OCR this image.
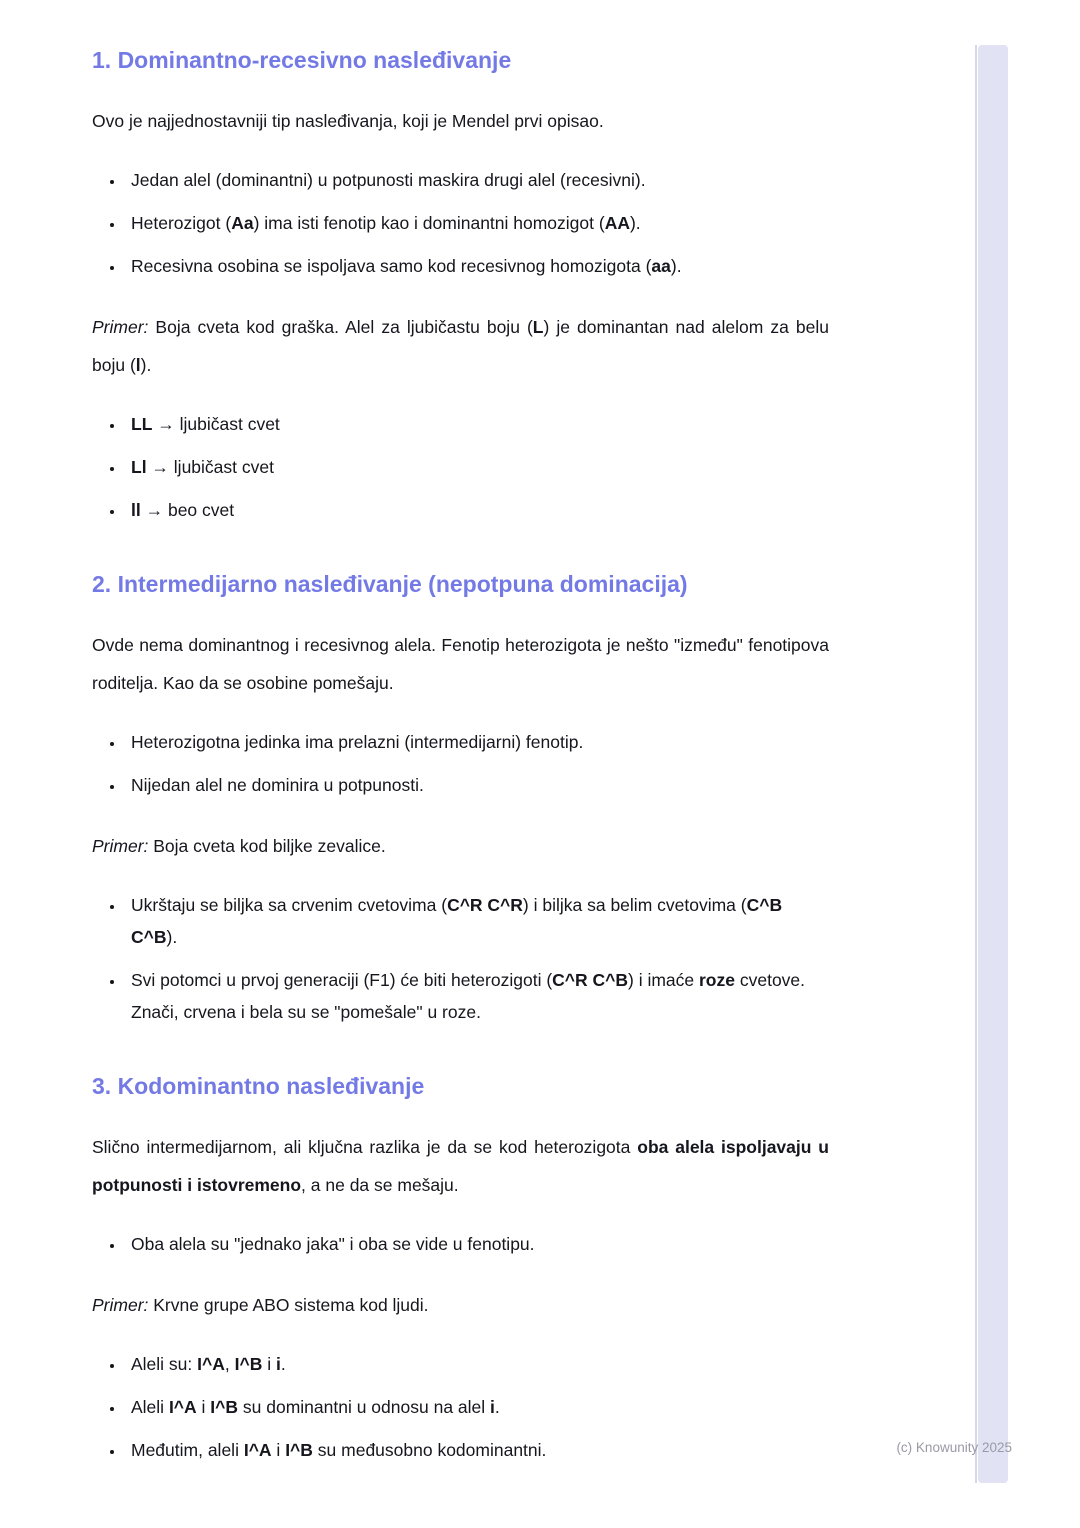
1. Dominantno-recesivno nasleđivanje

Ovo je najjednostavniji tip nasleđivanja, koji je Mendel prvi opisao.

• Jedan alel (dominantni) u potpunosti maskira drugi alel (recesivni).
• Heterozigot (Aa) ima isti fenotip kao i dominantni homozigot (AA).
• Recesivna osobina se ispoljava samo kod recesivnog homozigota (aa).

Primer: Boja cveta kod graška. Alel za ljubičastu boju (L) je dominantan nad alelom za belu boju (l).

• LL → ljubičast cvet
• Ll → ljubičast cvet
• ll → beo cvet
2. Intermedijarno nasleđivanje (nepotpuna dominacija)

Ovde nema dominantnog i recesivnog alela. Fenotip heterozigota je nešto "između" fenotipova roditelja. Kao da se osobine pomešaju.

• Heterozigotna jedinka ima prelazni (intermedijarni) fenotip.
• Nijedan alel ne dominira u potpunosti.

Primer: Boja cveta kod biljke zevalice.

• Ukrštaju se biljka sa crvenim cvetovima (C^R C^R) i biljka sa belim cvetovima (C^B C^B).
• Svi potomci u prvoj generaciji (F1) će biti heterozigoti (C^R C^B) i imaće roze cvetove. Znači, crvena i bela su se "pomešale" u roze.
3. Kodominantno nasleđivanje

Slično intermedijarnom, ali ključna razlika je da se kod heterozigota oba alela ispoljavaju u potpunosti i istovremeno, a ne da se mešaju.

• Oba alela su "jednako jaka" i oba se vide u fenotipu.

Primer: Krvne grupe ABO sistema kod ljudi.

• Aleli su: I^A, I^B i i.
• Aleli I^A i I^B su dominantni u odnosu na alel i.
• Međutim, aleli I^A i I^B su međusobno kodominantni.	(c) Knowunity 2025
